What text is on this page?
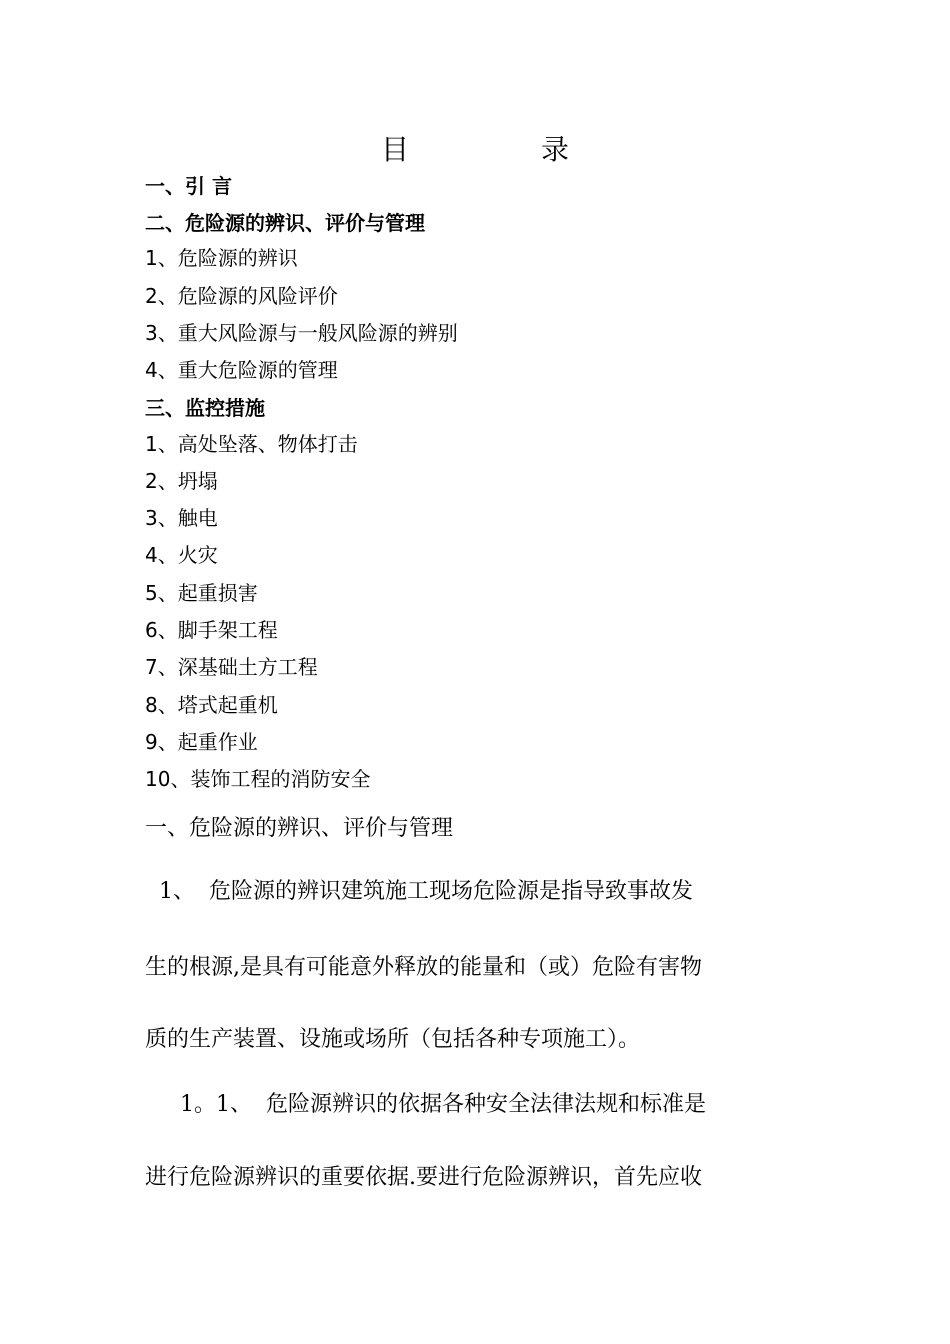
目　录
一、引 言
二、危险源的辨识、评价与管理
1、危险源的辨识
2、危险源的风险评价
3、重大风险源与一般风险源的辨别
4、重大危险源的管理
三、监控措施
1、高处坠落、物体打击
2、坍塌
3、触电
4、火灾
5、起重损害
6、脚手架工程
7、深基础土方工程
8、塔式起重机
9、起重作业
10、装饰工程的消防安全
一、危险源的辨识、评价与管理
1、  危险源的辨识建筑施工现场危险源是指导致事故发
生的根源,是具有可能意外释放的能量和（或）危险有害物
质的生产装置、设施或场所（包括各种专项施工）。
1。1、  危险源辨识的依据各种安全法律法规和标准是
进行危险源辨识的重要依据.要进行危险源辨识，首先应收
